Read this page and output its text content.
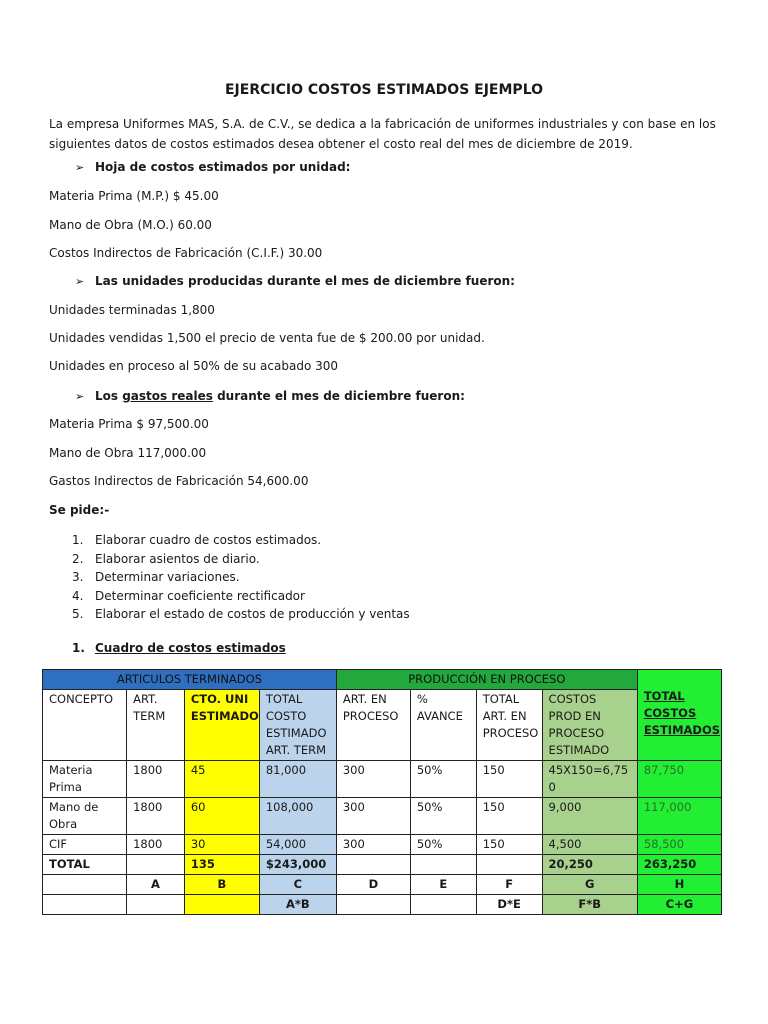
EJERCICIO COSTOS ESTIMADOS EJEMPLO
La empresa Uniformes MAS, S.A. de C.V., se dedica a la fabricación de uniformes industriales y con base en los siguientes datos de costos estimados desea obtener el costo real del mes de diciembre de 2019.
➢ Hoja de costos estimados por unidad:
Materia Prima (M.P.) $ 45.00
Mano de Obra (M.O.) 60.00
Costos Indirectos de Fabricación (C.I.F.) 30.00
➢ Las unidades producidas durante el mes de diciembre fueron:
Unidades terminadas 1,800
Unidades vendidas 1,500 el precio de venta fue de $ 200.00 por unidad.
Unidades en proceso al 50% de su acabado 300
➢ Los gastos reales durante el mes de diciembre fueron:
Materia Prima $ 97,500.00
Mano de Obra 117,000.00
Gastos Indirectos de Fabricación 54,600.00
Se pide:-
1. Elaborar cuadro de costos estimados.
2. Elaborar asientos de diario.
3. Determinar variaciones.
4. Determinar coeficiente rectificador
5. Elaborar el estado de costos de producción y ventas
1. Cuadro de costos estimados
ARTICULOS TERMINADOS				PRODUCCIÓN EN PROCESO				TOTAL COSTOS ESTIMADOS
CONCEPTO	ART. TERM	CTO. UNI ESTIMADO	TOTAL COSTO ESTIMADO ART. TERM	ART. EN PROCESO	% AVANCE	TOTAL ART. EN PROCESO	COSTOS PROD EN PROCESO ESTIMADO	
Materia Prima	1800	45	81,000	300	50%	150	45X150=6,750	87,750
Mano de Obra	1800	60	108,000	300	50%	150	9,000	117,000
CIF	1800	30	54,000	300	50%	150	4,500	58,500
TOTAL		135	$243,000				20,250	263,250
	A	B	C	D	E	F	G	H
			A*B			D*E	F*B	C+G
